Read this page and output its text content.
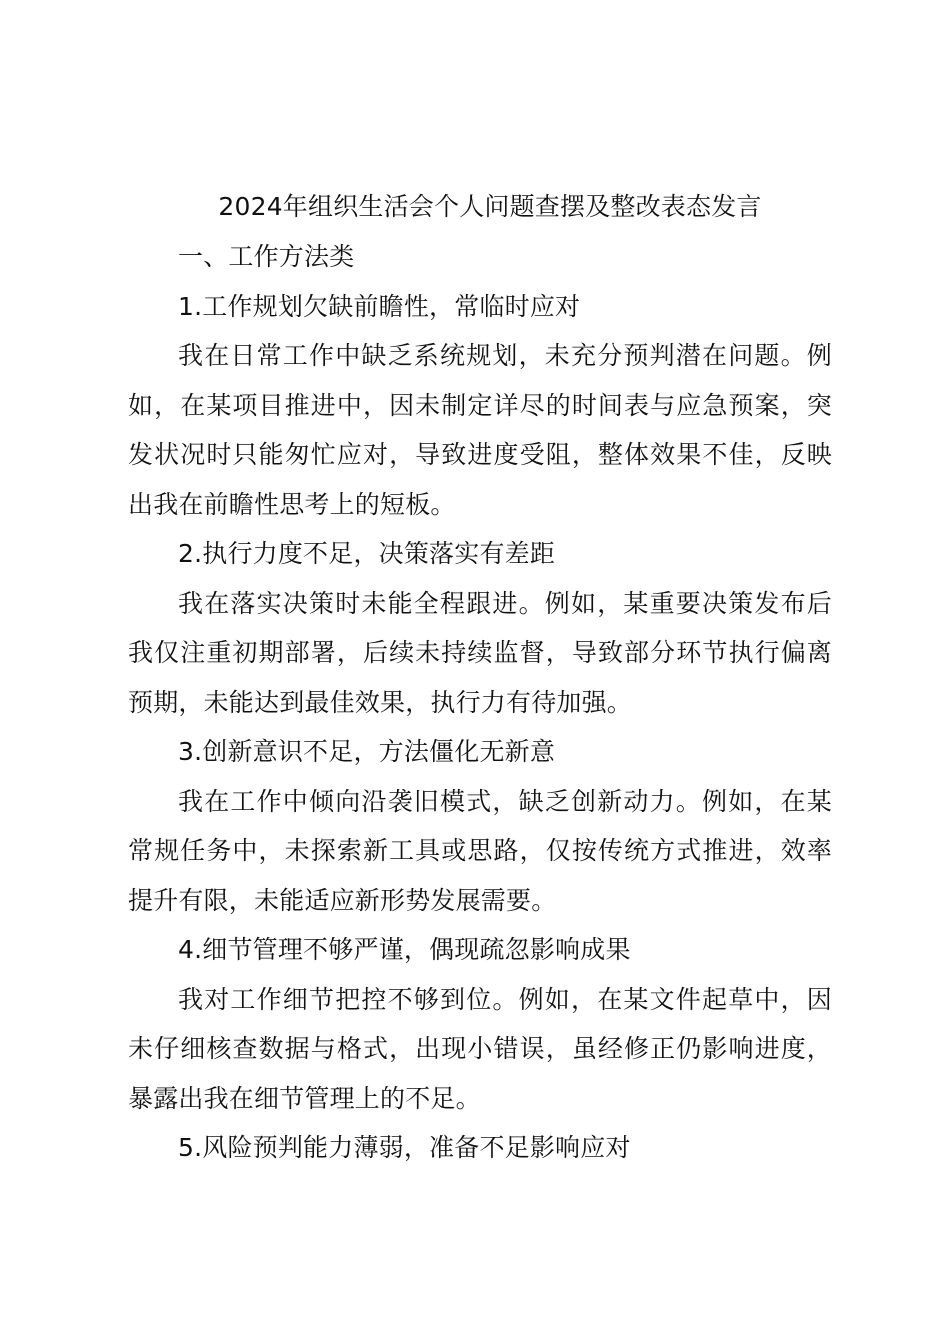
2024年组织生活会个人问题查摆及整改表态发言

一、工作方法类

1.工作规划欠缺前瞻性，常临时应对

我在日常工作中缺乏系统规划，未充分预判潜在问题。例如，在某项目推进中，因未制定详尽的时间表与应急预案，突发状况时只能匆忙应对，导致进度受阻，整体效果不佳，反映出我在前瞻性思考上的短板。

2.执行力度不足，决策落实有差距

我在落实决策时未能全程跟进。例如，某重要决策发布后我仅注重初期部署，后续未持续监督，导致部分环节执行偏离预期，未能达到最佳效果，执行力有待加强。

3.创新意识不足，方法僵化无新意

我在工作中倾向沿袭旧模式，缺乏创新动力。例如，在某常规任务中，未探索新工具或思路，仅按传统方式推进，效率提升有限，未能适应新形势发展需要。

4.细节管理不够严谨，偶现疏忽影响成果

我对工作细节把控不够到位。例如，在某文件起草中，因未仔细核查数据与格式，出现小错误，虽经修正仍影响进度，暴露出我在细节管理上的不足。

5.风险预判能力薄弱，准备不足影响应对
